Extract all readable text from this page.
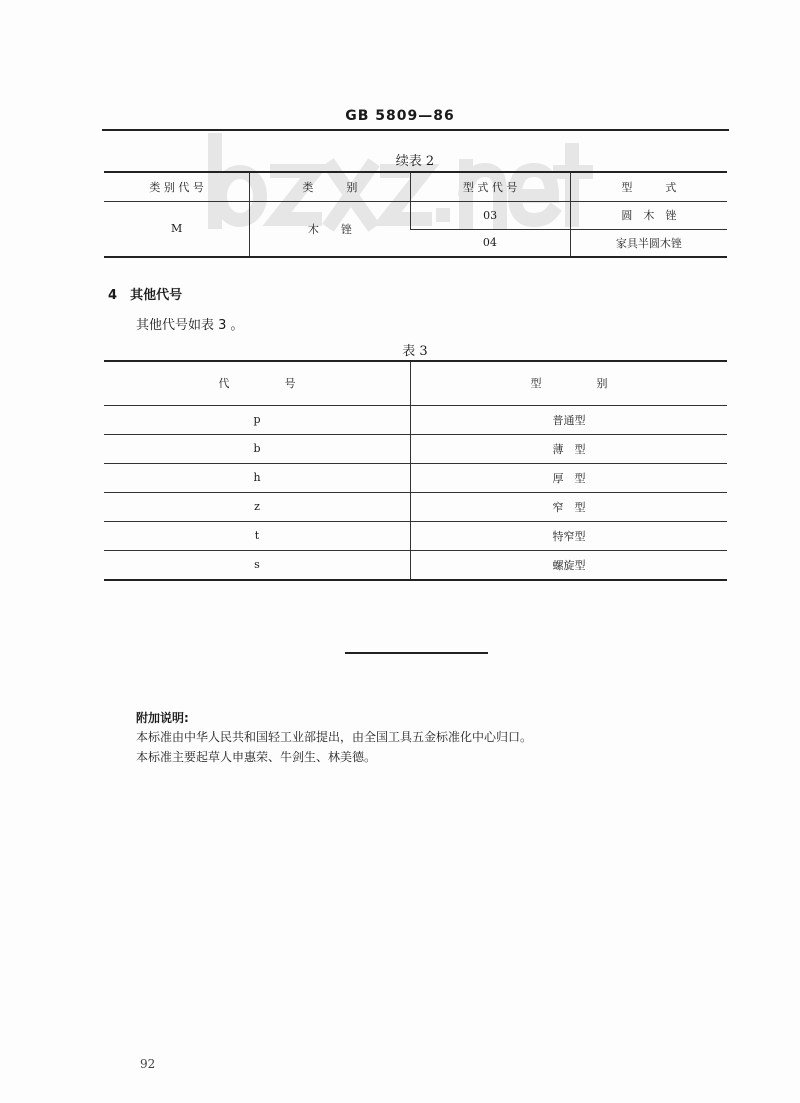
GB 5809—86
续表 2
类 别 代 号	类　　　别	型 式 代 号	型　　　式
M	木　　锉	03	圆　木　锉
		04	家具半圆木锉
4　 其他代号
其他代号如表 3 。
表 3
代　　　　　号	型　　　　　别
p	普通型
b	薄　型
h	厚　型
z	窄　型
t	特窄型
s	螺旋型
附加说明:
本标准由中华人民共和国轻工业部提出，由全国工具五金标准化中心归口。
本标准主要起草人申惠荣、牛剑生、林美德。
92
